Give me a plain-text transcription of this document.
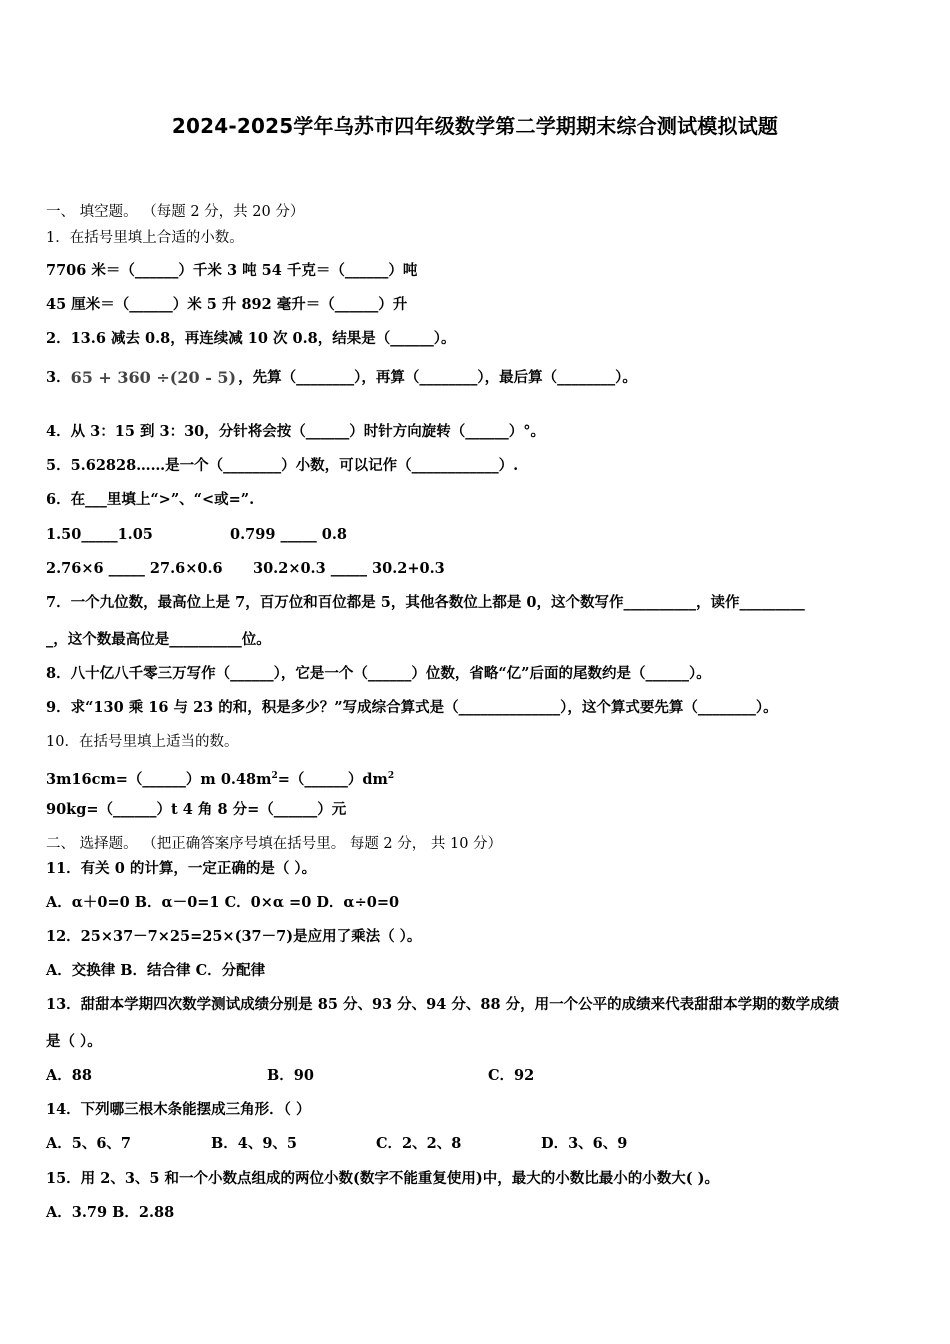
2024-2025学年乌苏市四年级数学第二学期期末综合测试模拟试题
一、 填空题。 （每题 2 分，共 20 分）
1．在括号里填上合适的小数。
7706 米＝（______）千米 3 吨 54 千克＝（______）吨
45 厘米＝（______）米 5 升 892 毫升＝（______）升
2．13.6 减去 0.8，再连续减 10 次 0.8，结果是（______）。
3．65 + 360 ÷(20 - 5) ，先算（________），再算（________），最后算（________）。
4．从 3：15 到 3：30，分针将会按（______）时针方向旋转（______）°。
5．5.62828……是一个（________）小数，可以记作（____________）.
6．在___里填上“>”、“<或=”.
1.50_____1.05	0.799 _____ 0.8
2.76×6 _____ 27.6×0.6 30.2×0.3 _____ 30.2+0.3
7．一个九位数，最高位上是 7，百万位和百位都是 5，其他各数位上都是 0，这个数写作__________，读作_________
_，这个数最高位是__________位。
8．八十亿八千零三万写作（______），它是一个（______）位数，省略“亿”后面的尾数约是（______）。
9．求“130 乘 16 与 23 的和，积是多少？”写成综合算式是（______________），这个算式要先算（________）。
10．在括号里填上适当的数。
3m16cm=（______）m $0.48m^2=(\_\_\_\_\_\_)dm^2$
90kg=（______）t 4 角 8 分=（______）元
二、 选择题。 （把正确答案序号填在括号里。 每题 2 分， 共 10 分）
11．有关 0 的计算，一定正确的是（ ）。
A．α＋0=0 B．α－0=1 C．0×α =0 D．α÷0=0
12．25×37－7×25=25×(37－7)是应用了乘法（ ）。
A．交换律 B．结合律 C．分配律
13．甜甜本学期四次数学测试成绩分别是 85 分、93 分、94 分、88 分，用一个公平的成绩来代表甜甜本学期的数学成绩
是（ ）。
A．88	B．90	C．92
14．下列哪三根木条能摆成三角形．（ ）
A．5、6、7	B．4、9、5	C．2、2、8	D．3、6、9
15．用 2、3、5 和一个小数点组成的两位小数(数字不能重复使用)中，最大的小数比最小的小数大( )。
A．3.79 B．2.88
